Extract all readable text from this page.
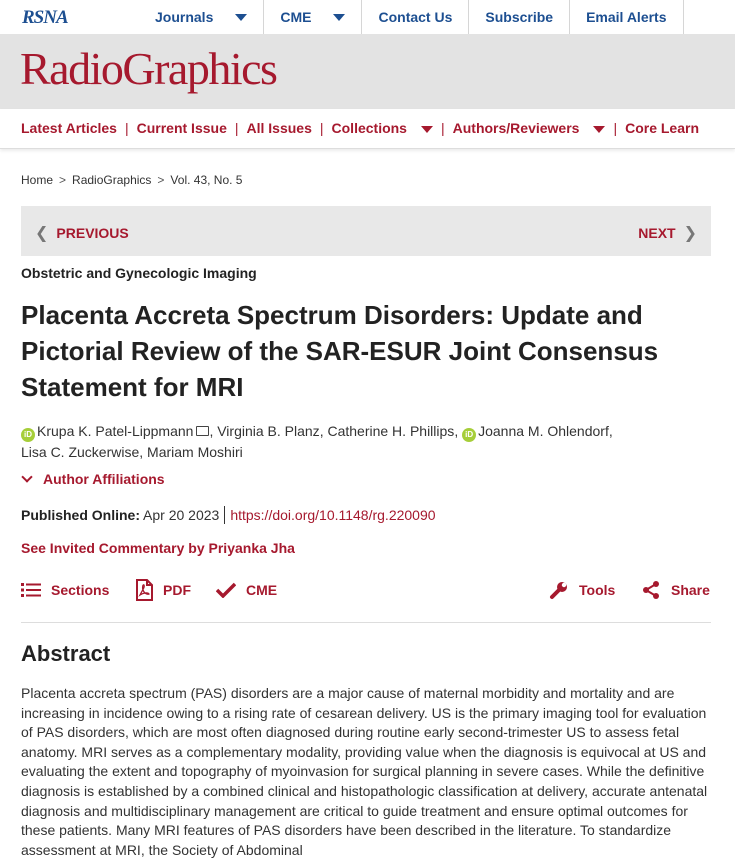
RSNA	Journals	CME	Contact Us Subscribe Email Alerts
RadioGraphics
Latest Articles | Current Issue | All Issues | Collections	| Authors/Reviewers	| Core Learn
Home > RadioGraphics > Vol. 43, No. 5
❮ PREVIOUS	NEXT ❯
Obstetric and Gynecologic Imaging
Placenta Accreta Spectrum Disorders: Update and Pictorial Review of the SAR-ESUR Joint Consensus Statement for MRI
iD Krupa K. Patel-Lippmann , Virginia B. Planz, Catherine H. Phillips, iD Joanna M. Ohlendorf,
Lisa C. Zuckerwise, Mariam Moshiri
Author Affiliations
Published Online: Apr 20 2023 https://doi.org/10.1148/rg.220090
See Invited Commentary by Priyanka Jha
Sections	PDF	CME	Tools	Share
Abstract

Placenta accreta spectrum (PAS) disorders are a major cause of maternal morbidity and mortality and are increasing in incidence owing to a rising rate of cesarean delivery. US is the primary imaging tool for evaluation of PAS disorders, which are most often diagnosed during routine early second-trimester US to assess fetal anatomy. MRI serves as a complementary modality, providing value when the diagnosis is equivocal at US and evaluating the extent and topography of myoinvasion for surgical planning in severe cases. While the definitive diagnosis is established by a combined clinical and histopathologic classification at delivery, accurate antenatal diagnosis and multidisciplinary management are critical to guide treatment and ensure optimal outcomes for these patients. Many MRI features of PAS disorders have been described in the literature. To standardize assessment at MRI, the Society of Abdominal
